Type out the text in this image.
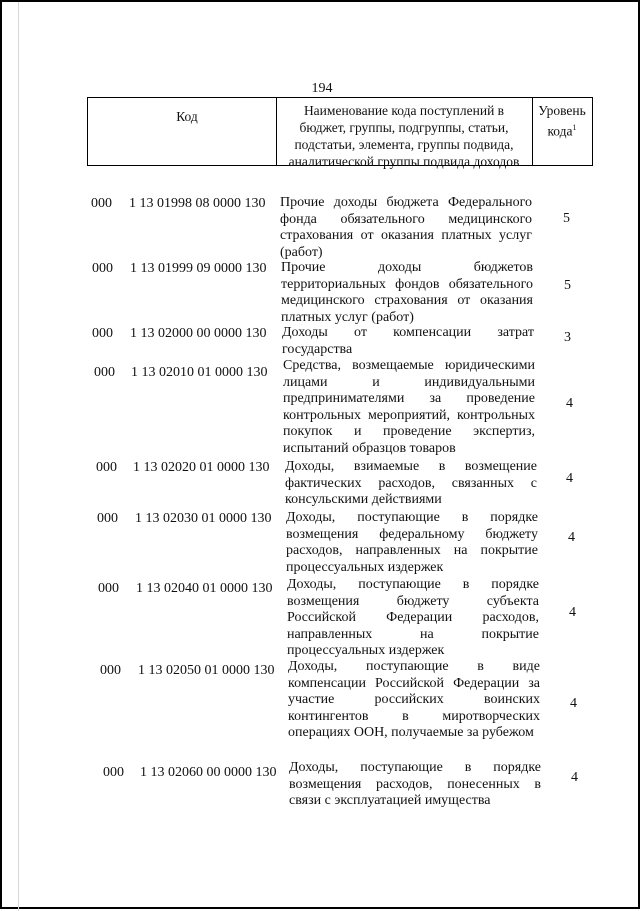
194
Код	Наименование кода поступлений в
бюджет, группы, подгруппы, статьи,
подстатьи, элемента, группы подвида,
аналитической группы подвида доходов
Уровень
кода$^1$
000 1 13 01998 08 0000 130 Прочие доходы бюджета Федерального фонда обязательного медицинского страхования от оказания платных услуг (работ)
5
000 1 13 01999 09 0000 130 Прочие доходы бюджетов территориальных фондов обязательного медицинского страхования от оказания платных услуг (работ)
5
000 1 13 02000 00 0000 130 Доходы от компенсации затрат государства
3
000 1 13 02010 01 0000 130 Средства, возмещаемые юридическими лицами и индивидуальными предпринимателями за проведение контрольных мероприятий, контрольных покупок и проведение экспертиз, испытаний образцов товаров
4
000 1 13 02020 01 0000 130 Доходы, взимаемые в возмещение фактических расходов, связанных с консульскими действиями
4
000 1 13 02030 01 0000 130 Доходы, поступающие в порядке возмещения федеральному бюджету расходов, направленных на покрытие процессуальных издержек
4
000 1 13 02040 01 0000 130 Доходы, поступающие в порядке возмещения бюджету субъекта Российской Федерации расходов, направленных на покрытие процессуальных издержек
4
000 1 13 02050 01 0000 130 Доходы, поступающие в виде компенсации Российской Федерации за участие российских воинских контингентов в миротворческих операциях ООН, получаемые за рубежом
4
000 1 13 02060 00 0000 130 Доходы, поступающие в порядке возмещения расходов, понесенных в связи с эксплуатацией имущества
4
